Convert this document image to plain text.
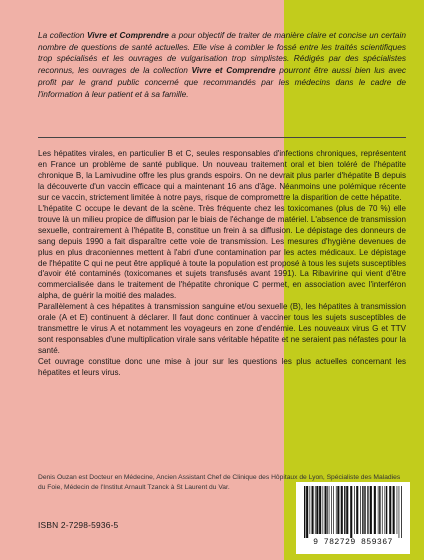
La collection Vivre et Comprendre a pour objectif de traiter de manière claire et concise un certain nombre de questions de santé actuelles. Elle vise à combler le fossé entre les traités scientifiques trop spécialisés et les ouvrages de vulgarisation trop simplistes. Rédigés par des spécialistes reconnus, les ouvrages de la collection Vivre et Comprendre pourront être aussi bien lus avec profit par le grand public concerné que recommandés par les médecins dans le cadre de l'information à leur patient et à sa famille.

Les hépatites virales, en particulier B et C, seules responsables d'infections chroniques, représentent en France un problème de santé publique. Un nouveau traitement oral et bien toléré de l'hépatite chronique B, la Lamivudine offre les plus grands espoirs. On ne devrait plus parler d'hépatite B depuis la découverte d'un vaccin efficace qui a maintenant 16 ans d'âge. Néanmoins une polémique récente sur ce vaccin, strictement limitée à notre pays, risque de compromettre la disparition de cette hépatite.

L'hépatite C occupe le devant de la scène. Très fréquente chez les toxicomanes (plus de 70 %) elle trouve là un milieu propice de diffusion par le biais de l'échange de matériel. L'absence de transmission sexuelle, contrairement à l'hépatite B, constitue un frein à sa diffusion. Le dépistage des donneurs de sang depuis 1990 a fait disparaître cette voie de transmission. Les mesures d'hygiène devenues de plus en plus draconiennes mettent à l'abri d'une contamination par les actes médicaux. Le dépistage de l'hépatite C qui ne peut être appliqué à toute la population est proposé à tous les sujets susceptibles d'avoir été contaminés (toxicomanes et sujets transfusés avant 1991). La Ribavirine qui vient d'être commercialisée dans le traitement de l'hépatite chronique C permet, en association avec l'interféron alpha, de guérir la moitié des malades.

Parallèlement à ces hépatites à transmission sanguine et/ou sexuelle (B), les hépatites à transmission orale (A et E) continuent à déclarer. Il faut donc continuer à vacciner tous les sujets susceptibles de transmettre le virus A et notamment les voyageurs en zone d'endémie. Les nouveaux virus G et TTV sont responsables d'une multiplication virale sans véritable hépatite et ne seraient pas néfastes pour la santé.

Cet ouvrage constitue donc une mise à jour sur les questions les plus actuelles concernant les hépatites et leurs virus.

Denis Ouzan est Docteur en Médecine, Ancien Assistant Chef de Clinique des Hôpitaux de Lyon, Spécialiste des Maladies du Foie, Médecin de l'Institut Arnault Tzanck à St Laurent du Var.

ISBN 2-7298-5936-5

9 782729 859367
